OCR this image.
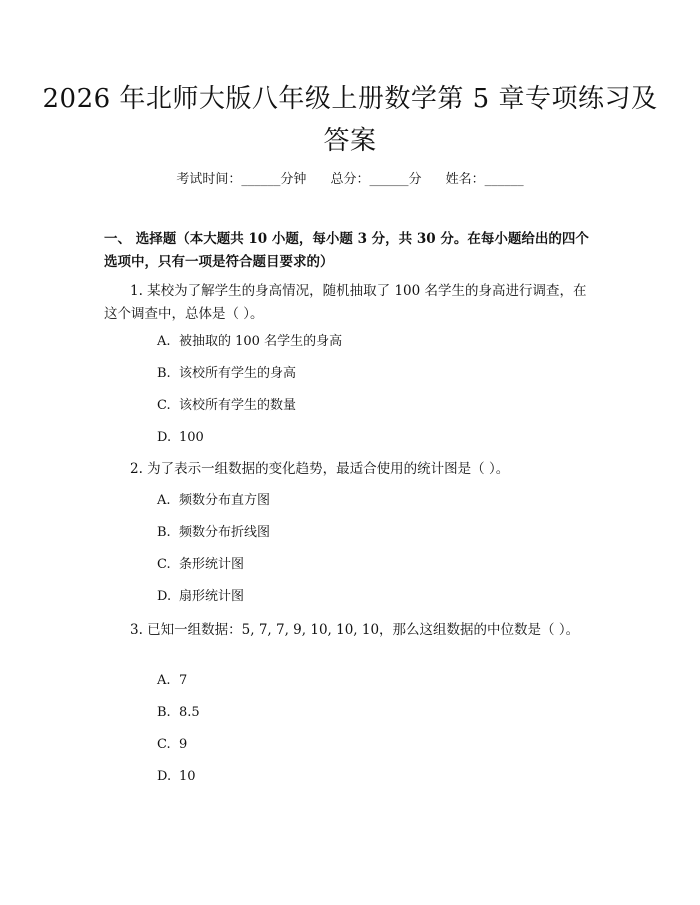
2026 年北师大版八年级上册数学第 5 章专项练习及答案
考试时间：______分钟 总分：______分 姓名：______
一、 选择题（本大题共 10 小题，每小题 3 分，共 30 分。在每小题给出的四个选项中，只有一项是符合题目要求的）
1. 某校为了解学生的身高情况，随机抽取了 100 名学生的身高进行调查，在这个调查中，总体是（ ）。
A. 被抽取的 100 名学生的身高
B. 该校所有学生的身高
C. 该校所有学生的数量
D. 100
2. 为了表示一组数据的变化趋势，最适合使用的统计图是（ ）。
A. 频数分布直方图
B. 频数分布折线图
C. 条形统计图
D. 扇形统计图
3. 已知一组数据：5, 7, 7, 9, 10, 10, 10，那么这组数据的中位数是（ ）。
A. 7
B. 8.5
C. 9
D. 10
